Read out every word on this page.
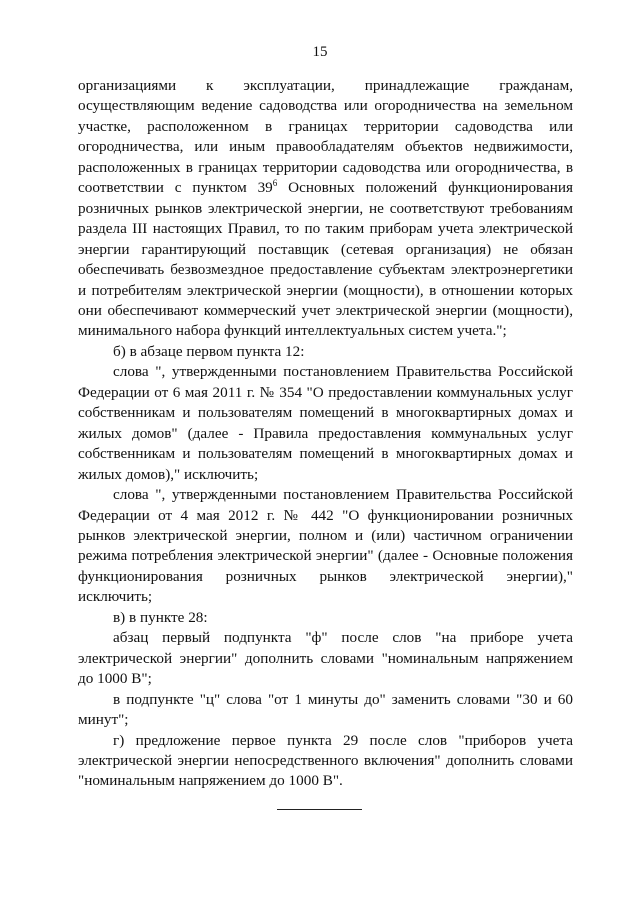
15

организациями к эксплуатации, принадлежащие гражданам, осуществляющим ведение садоводства или огородничества на земельном участке, расположенном в границах территории садоводства или огородничества, или иным правообладателям объектов недвижимости, расположенных в границах территории садоводства или огородничества, в соответствии с пунктом $39^6$ Основных положений функционирования розничных рынков электрической энергии, не соответствуют требованиям раздела III настоящих Правил, то по таким приборам учета электрической энергии гарантирующий поставщик (сетевая организация) не обязан обеспечивать безвозмездное предоставление субъектам электроэнергетики и потребителям электрической энергии (мощности), в отношении которых они обеспечивают коммерческий учет электрической энергии (мощности), минимального набора функций интеллектуальных систем учета.";

б) в абзаце первом пункта 12:

слова ", утвержденными постановлением Правительства Российской Федерации от 6 мая 2011 г. № 354 "О предоставлении коммунальных услуг собственникам и пользователям помещений в многоквартирных домах и жилых домов" (далее - Правила предоставления коммунальных услуг собственникам и пользователям помещений в многоквартирных домах и жилых домов)," исключить;

слова ", утвержденными постановлением Правительства Российской Федерации от 4 мая 2012 г. № 442 "О функционировании розничных рынков электрической энергии, полном и (или) частичном ограничении режима потребления электрической энергии" (далее - Основные положения функционирования розничных рынков электрической энергии)," исключить;

в) в пункте 28:

абзац первый подпункта "ф" после слов "на приборе учета электрической энергии" дополнить словами "номинальным напряжением до 1000 В";

в подпункте "ц" слова "от 1 минуты до" заменить словами "30 и 60 минут";

г) предложение первое пункта 29 после слов "приборов учета электрической энергии непосредственного включения" дополнить словами "номинальным напряжением до 1000 В".
